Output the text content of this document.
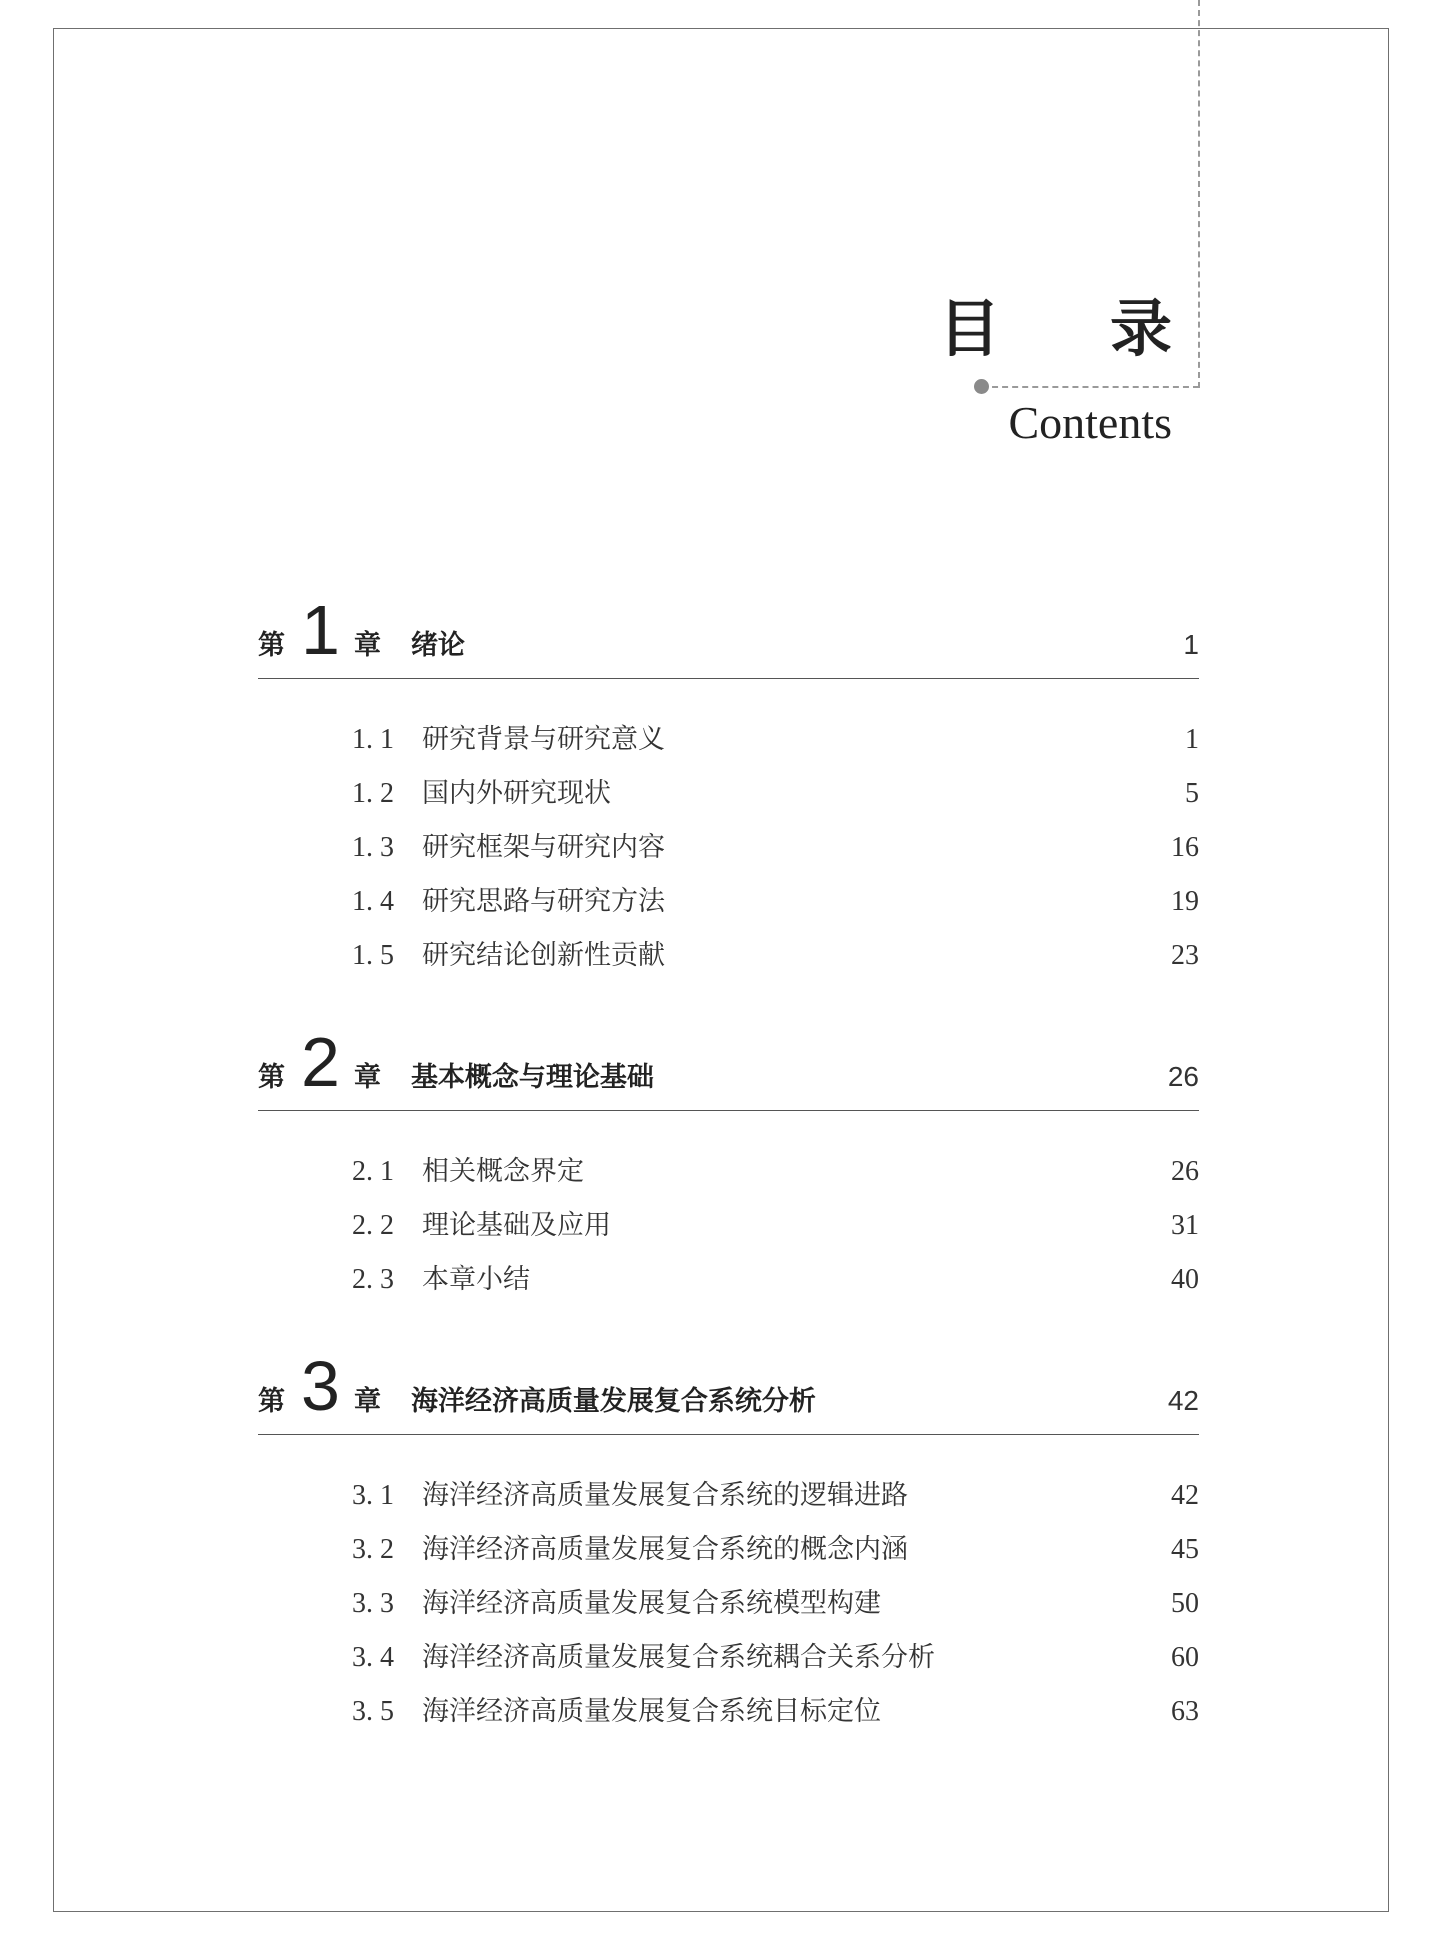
目 录
Contents
第 1 章 绪论	1
1. 1	研究背景与研究意义	1
1. 2	国内外研究现状	5
1. 3	研究框架与研究内容	16
1. 4	研究思路与研究方法	19
1. 5	研究结论创新性贡献	23
第 2 章 基本概念与理论基础	26
2. 1	相关概念界定	26
2. 2	理论基础及应用	31
2. 3	本章小结	40
第 3 章 海洋经济高质量发展复合系统分析	42
3. 1	海洋经济高质量发展复合系统的逻辑进路	42
3. 2	海洋经济高质量发展复合系统的概念内涵	45
3. 3	海洋经济高质量发展复合系统模型构建	50
3. 4	海洋经济高质量发展复合系统耦合关系分析	60
3. 5	海洋经济高质量发展复合系统目标定位	63
